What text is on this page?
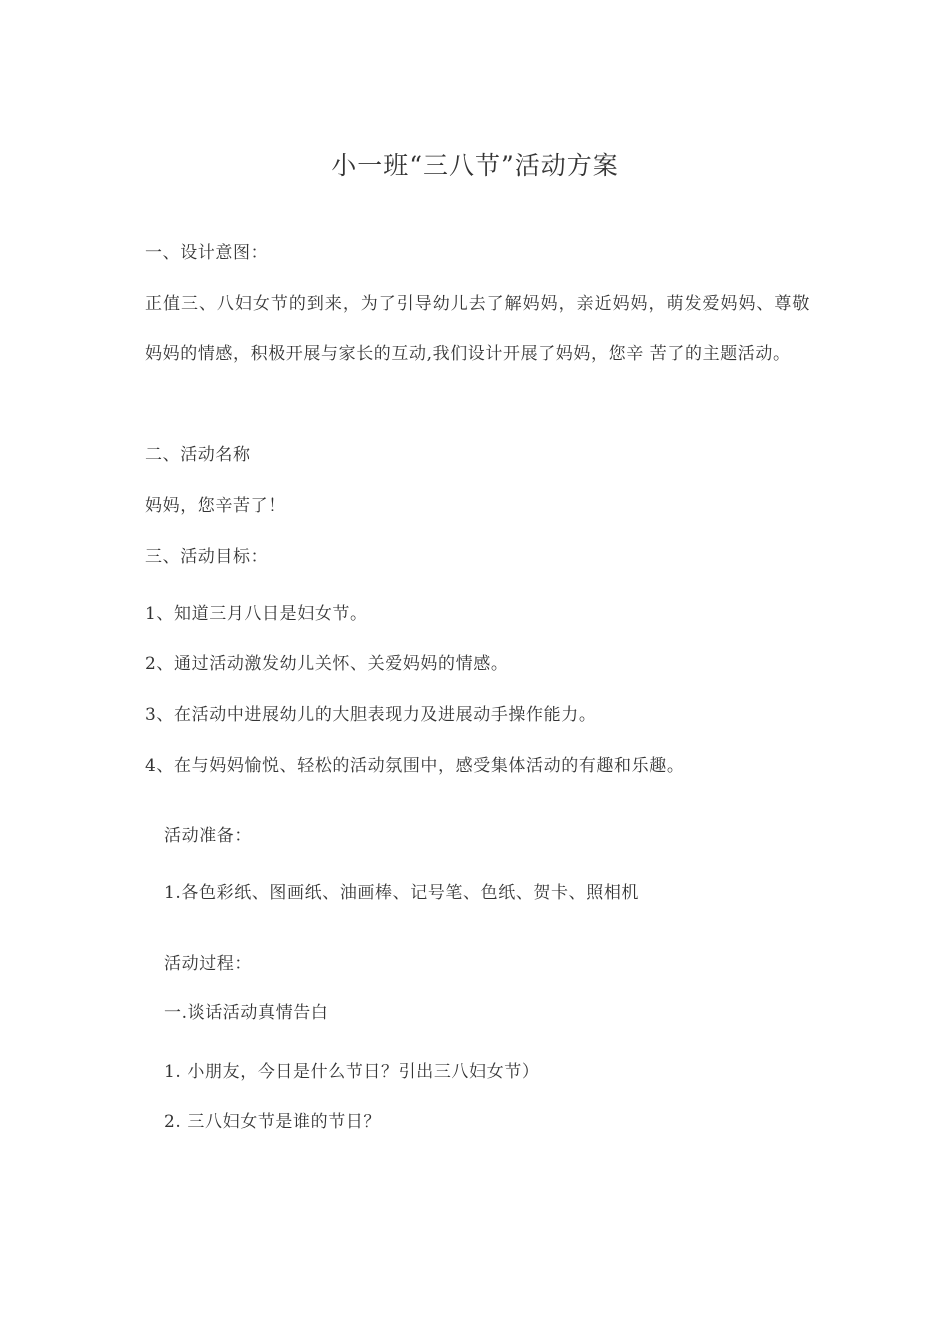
小一班“三八节”活动方案
一、设计意图：
正值三、八妇女节的到来，为了引导幼儿去了解妈妈，亲近妈妈，萌发爱妈妈、尊敬妈妈的情感，积极开展与家长的互动,我们设计开展了妈妈，您辛 苦了的主题活动。
二、活动名称
妈妈，您辛苦了！
三、活动目标：
1、知道三月八日是妇女节。
2、通过活动激发幼儿关怀、关爱妈妈的情感。
3、在活动中进展幼儿的大胆表现力及进展动手操作能力。
4、在与妈妈愉悦、轻松的活动氛围中，感受集体活动的有趣和乐趣。
活动准备：
1.各色彩纸、图画纸、油画棒、记号笔、色纸、贺卡、照相机
活动过程：
一.谈话活动真情告白
1. 小朋友，今日是什么节日？引出三八妇女节）
2. 三八妇女节是谁的节日？
